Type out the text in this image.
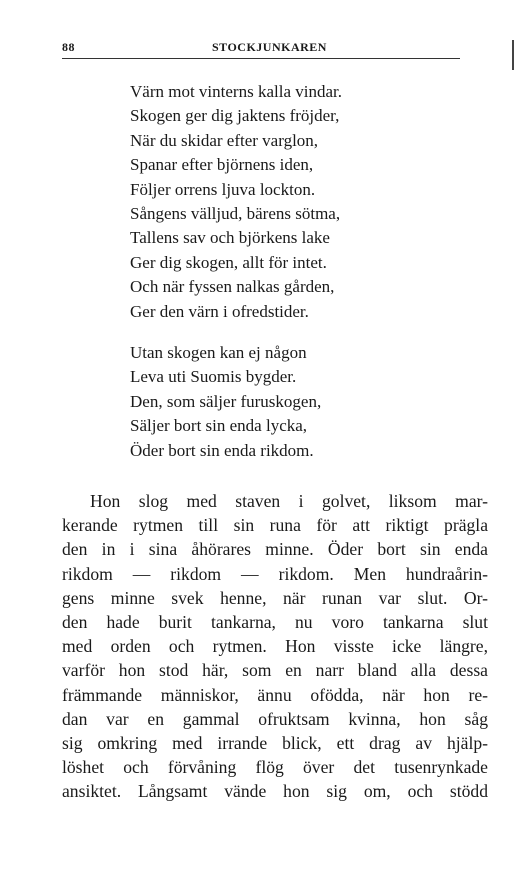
88	STOCKJUNKAREN
Värn mot vinterns kalla vindar.
Skogen ger dig jaktens fröjder,
När du skidar efter varglon,
Spanar efter björnens iden,
Följer orrens ljuva lockton.
Sångens välljud, bärens sötma,
Tallens sav och björkens lake
Ger dig skogen, allt för intet.
Och när fyssen nalkas gården,
Ger den värn i ofredstider.
Utan skogen kan ej någon
Leva uti Suomis bygder.
Den, som säljer furuskogen,
Säljer bort sin enda lycka,
Öder bort sin enda rikdom.
Hon slog med staven i golvet, liksom mar-
kerande rytmen till sin runa för att riktigt prägla
den in i sina åhörares minne. Öder bort sin enda
rikdom — rikdom — rikdom. Men hundraårin-
gens minne svek henne, när runan var slut. Or-
den hade burit tankarna, nu voro tankarna slut
med orden och rytmen. Hon visste icke längre,
varför hon stod här, som en narr bland alla dessa
främmande människor, ännu ofödda, när hon re-
dan var en gammal ofruktsam kvinna, hon såg
sig omkring med irrande blick, ett drag av hjälp-
löshet och förvåning flög över det tusenrynkade
ansiktet. Långsamt vände hon sig om, och stödd
